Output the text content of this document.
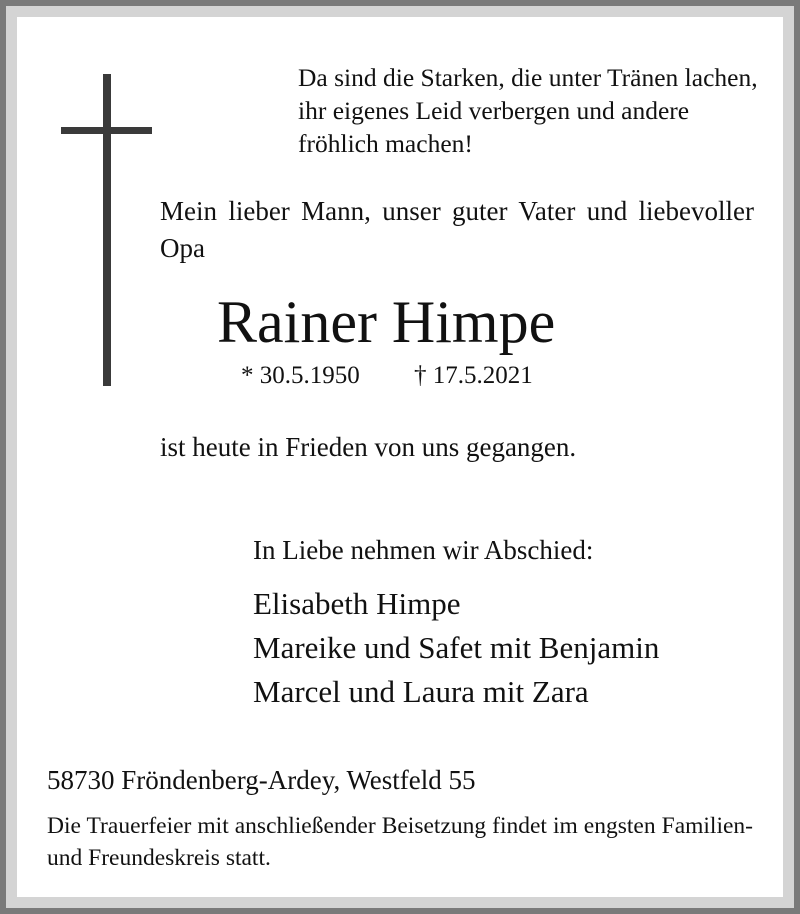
Da sind die Starken, die unter Tränen lachen, ihr eigenes Leid verbergen und andere fröhlich machen!

Mein lieber Mann, unser guter Vater und liebevoller Opa

Rainer Himpe
* 30.5.1950 † 17.5.2021

ist heute in Frieden von uns gegangen.

In Liebe nehmen wir Abschied:

Elisabeth Himpe
Mareike und Safet mit Benjamin
Marcel und Laura mit Zara

58730 Fröndenberg-Ardey, Westfeld 55

Die Trauerfeier mit anschließender Beisetzung findet im engsten Familien- und Freundeskreis statt.
